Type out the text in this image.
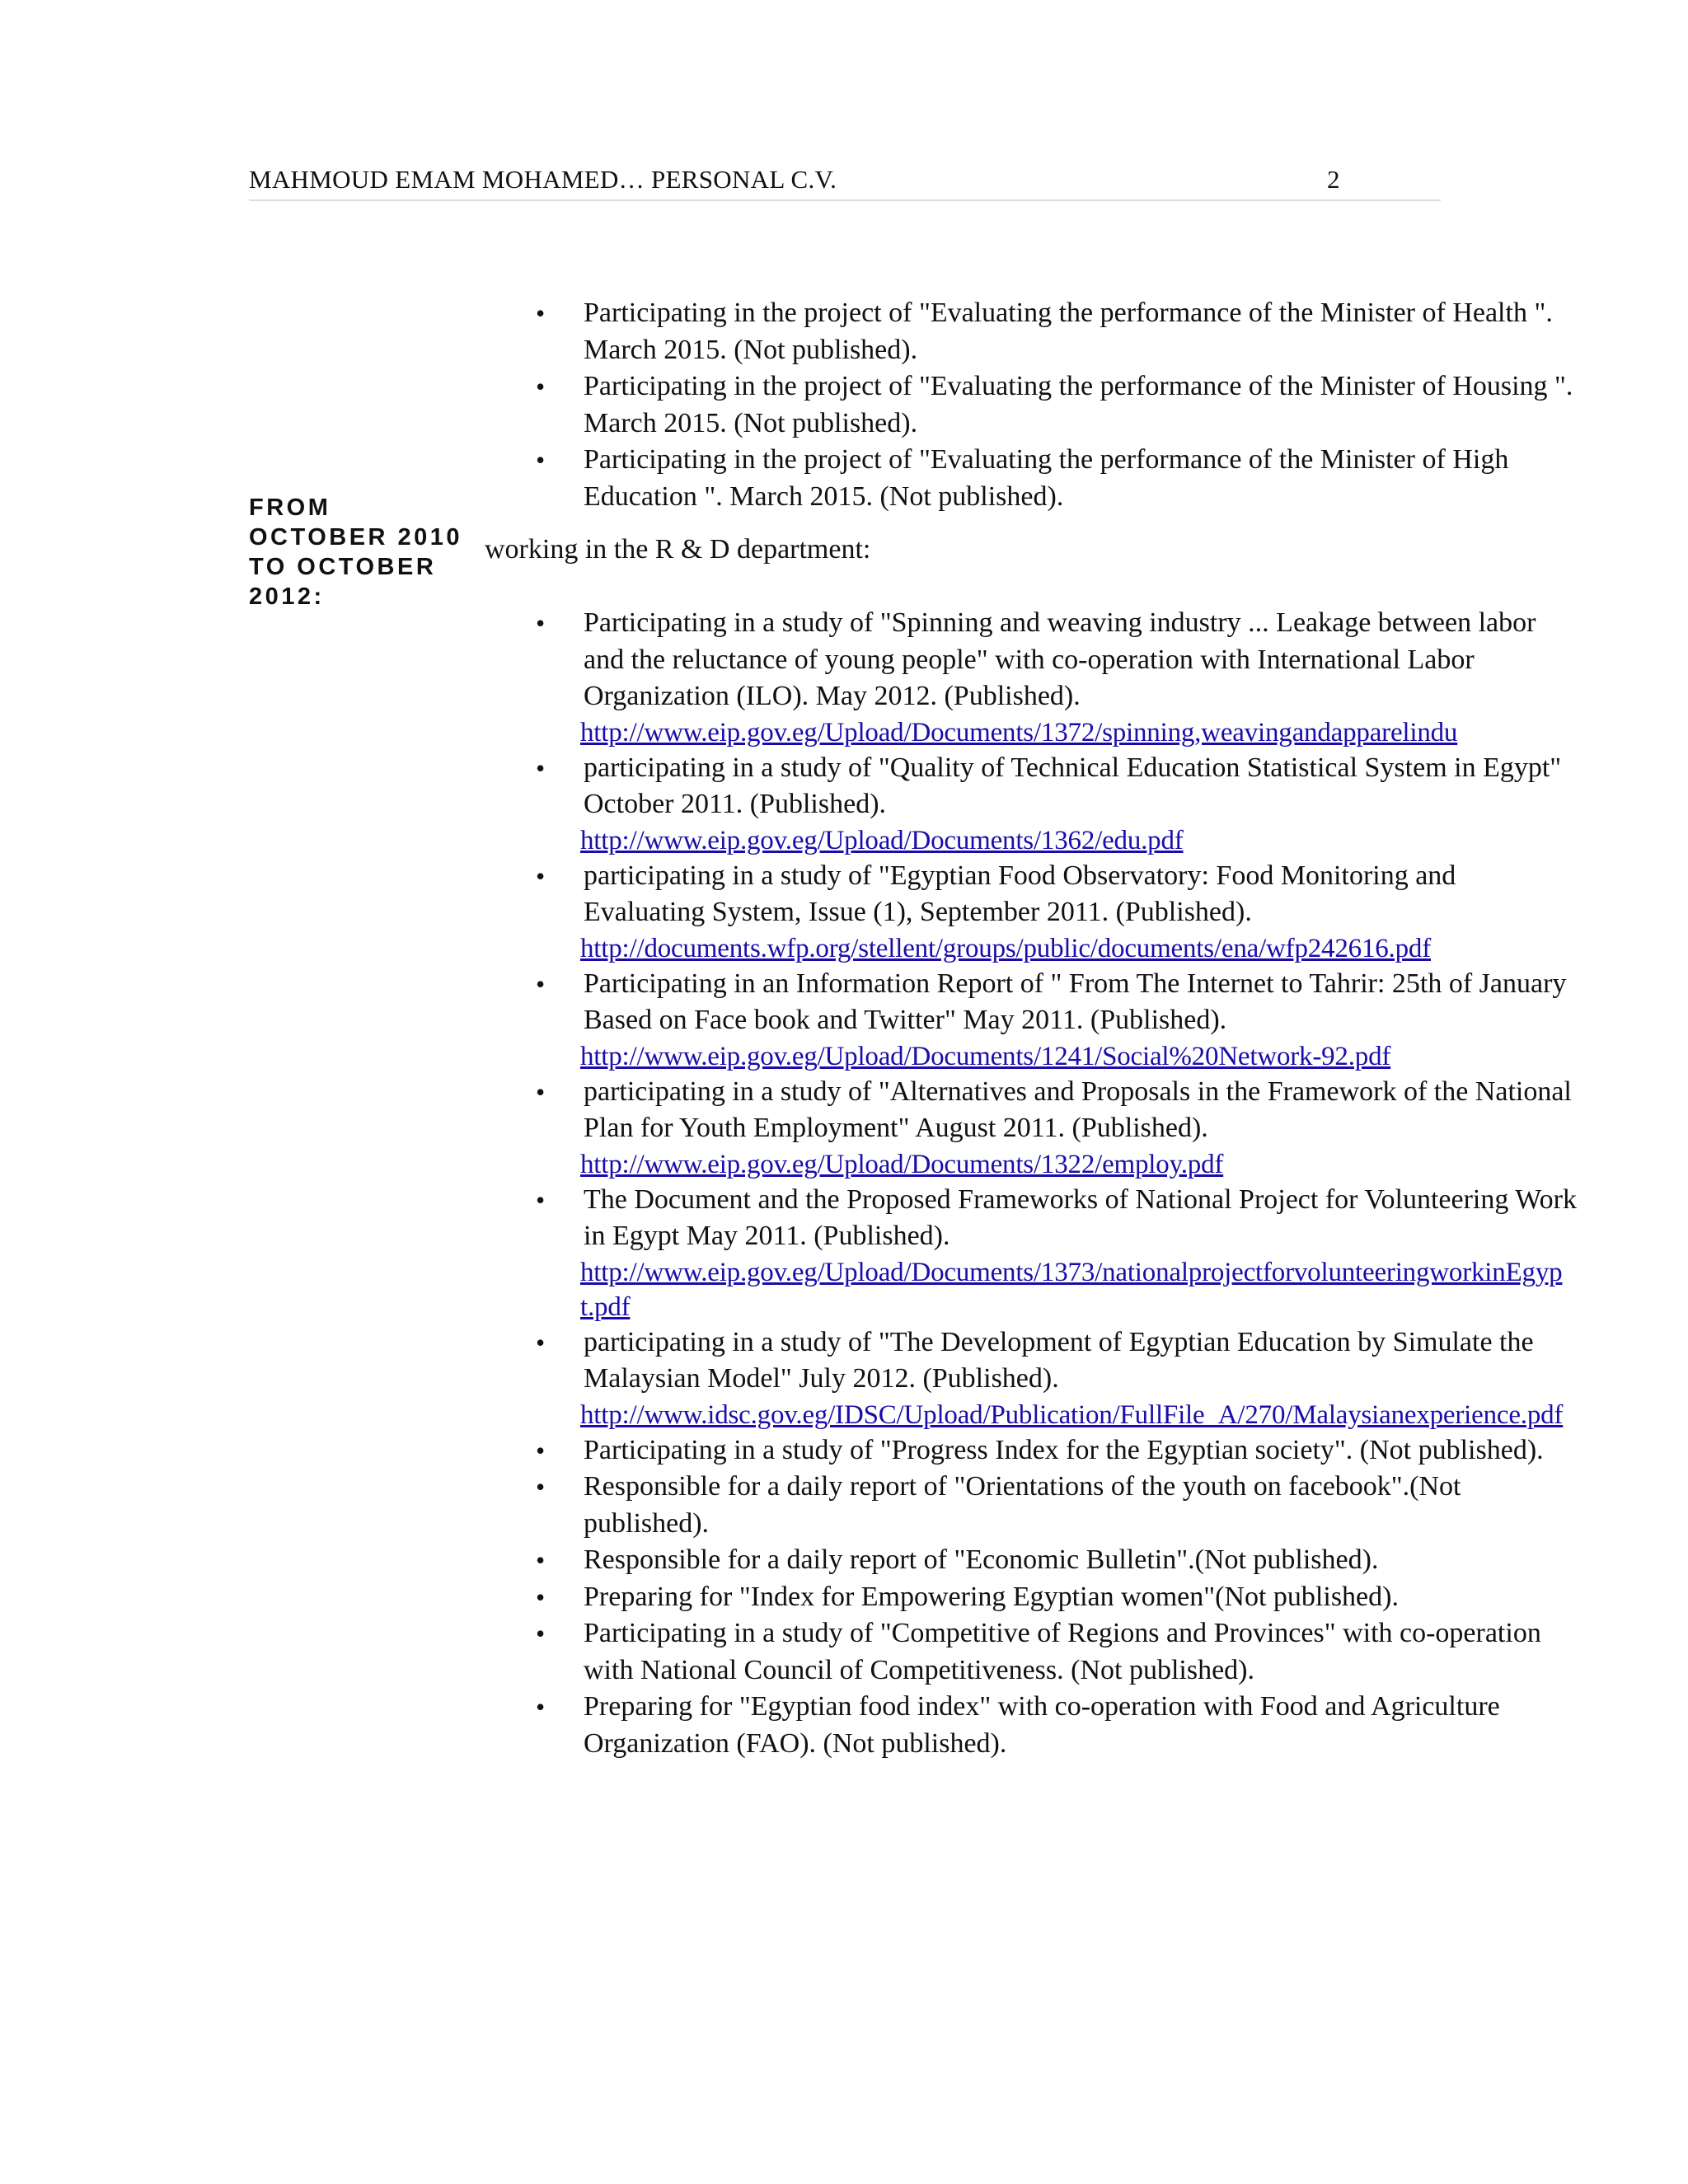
MAHMOUD EMAM MOHAMED… PERSONAL C.V.	2
• Participating in the project of "Evaluating the performance of the Minister of Health ". March 2015. (Not published).
• Participating in the project of "Evaluating the performance of the Minister of Housing ". March 2015. (Not published).
• Participating in the project of "Evaluating the performance of the Minister of High Education ". March 2015. (Not published).
FROM
OCTOBER 2010
TO OCTOBER
2012:
working in the R & D department:
• Participating in a study of "Spinning and weaving industry ... Leakage between labor and the reluctance of young people" with co-operation with International Labor Organization (ILO). May 2012. (Published).
http://www.eip.gov.eg/Upload/Documents/1372/spinning,weavingandapparelindu
• participating in a study of "Quality of Technical Education Statistical System in Egypt" October 2011. (Published).
http://www.eip.gov.eg/Upload/Documents/1362/edu.pdf
• participating in a study of "Egyptian Food Observatory: Food Monitoring and Evaluating System, Issue (1), September 2011. (Published).
http://documents.wfp.org/stellent/groups/public/documents/ena/wfp242616.pdf
• Participating in an Information Report of " From The Internet to Tahrir: 25th of January Based on Face book and Twitter" May 2011. (Published).
http://www.eip.gov.eg/Upload/Documents/1241/Social%20Network-92.pdf
• participating in a study of "Alternatives and Proposals in the Framework of the National Plan for Youth Employment" August 2011. (Published).
http://www.eip.gov.eg/Upload/Documents/1322/employ.pdf
• The Document and the Proposed Frameworks of National Project for Volunteering Work in Egypt May 2011. (Published).
http://www.eip.gov.eg/Upload/Documents/1373/nationalprojectforvolunteeringworkinEgypt.pdf
• participating in a study of "The Development of Egyptian Education by Simulate the Malaysian Model" July 2012. (Published).
http://www.idsc.gov.eg/IDSC/Upload/Publication/FullFile_A/270/Malaysianexperience.pdf
• Participating in a study of "Progress Index for the Egyptian society". (Not published).
• Responsible for a daily report of "Orientations of the youth on facebook".(Not published).
• Responsible for a daily report of "Economic Bulletin".(Not published).
• Preparing for "Index for Empowering Egyptian women"(Not published).
• Participating in a study of "Competitive of Regions and Provinces" with co-operation with National Council of Competitiveness. (Not published).
• Preparing for "Egyptian food index" with co-operation with Food and Agriculture Organization (FAO). (Not published).
